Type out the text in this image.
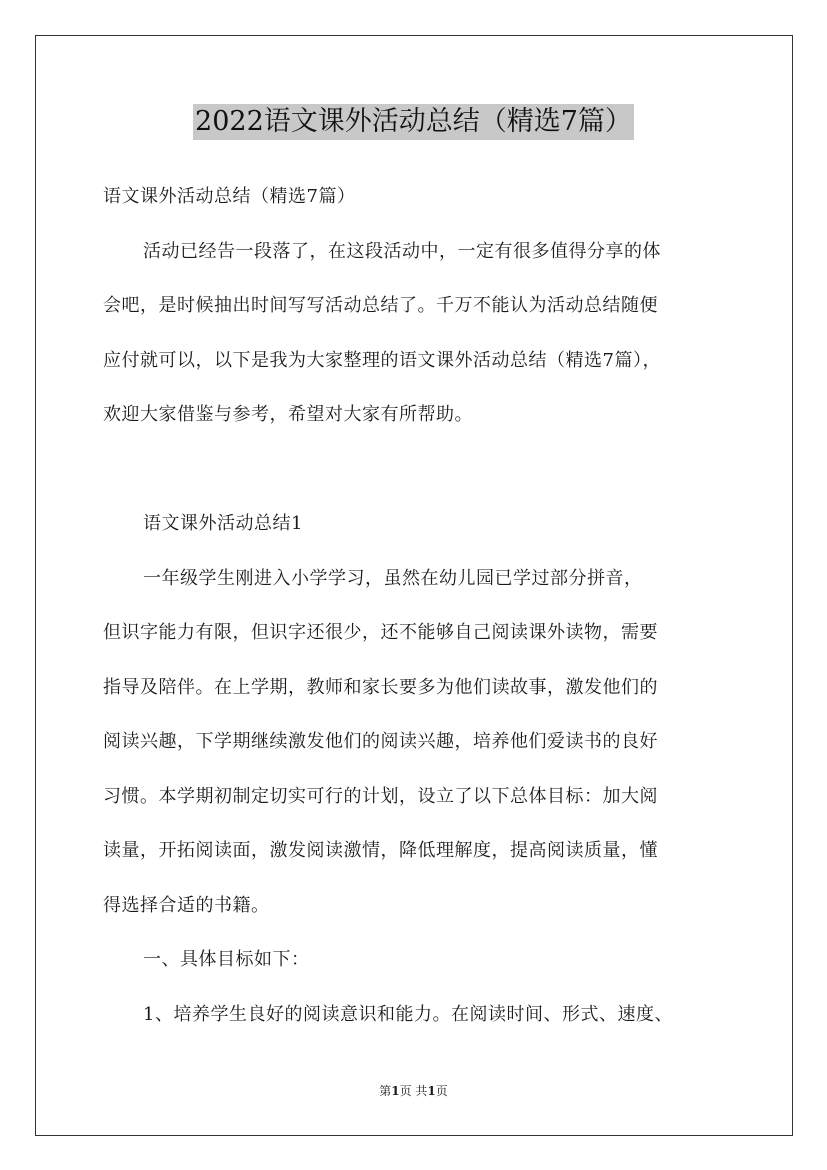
2022语文课外活动总结（精选7篇）

语文课外活动总结（精选7篇）

活动已经告一段落了，在这段活动中，一定有很多值得分享的体

会吧，是时候抽出时间写写活动总结了。千万不能认为活动总结随便

应付就可以，以下是我为大家整理的语文课外活动总结（精选7篇），

欢迎大家借鉴与参考，希望对大家有所帮助。

语文课外活动总结1

一年级学生刚进入小学学习，虽然在幼儿园已学过部分拼音，

但识字能力有限，但识字还很少，还不能够自己阅读课外读物，需要

指导及陪伴。在上学期，教师和家长要多为他们读故事，激发他们的

阅读兴趣，下学期继续激发他们的阅读兴趣，培养他们爱读书的良好

习惯。本学期初制定切实可行的计划，设立了以下总体目标：加大阅

读量，开拓阅读面，激发阅读激情，降低理解度，提高阅读质量，懂

得选择合适的书籍。

一、具体目标如下：

1、培养学生良好的阅读意识和能力。在阅读时间、形式、速度、

第1页 共1页
